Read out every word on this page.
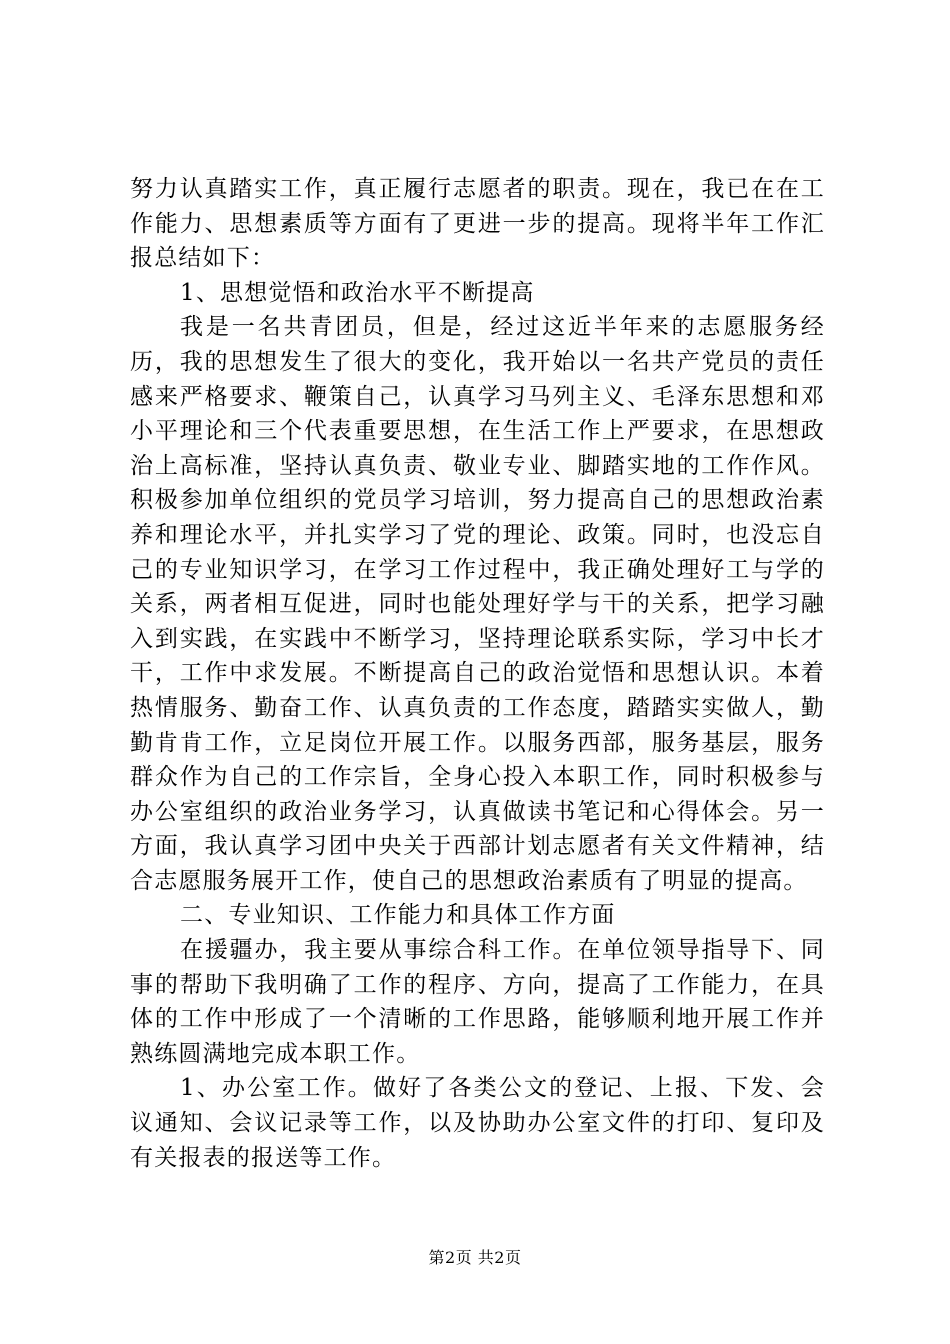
努力认真踏实工作，真正履行志愿者的职责。现在，我已在在工作能力、思想素质等方面有了更进一步的提高。现将半年工作汇报总结如下：

1、思想觉悟和政治水平不断提高

我是一名共青团员，但是，经过这近半年来的志愿服务经历，我的思想发生了很大的变化，我开始以一名共产党员的责任感来严格要求、鞭策自己，认真学习马列主义、毛泽东思想和邓小平理论和三个代表重要思想，在生活工作上严要求，在思想政治上高标准，坚持认真负责、敬业专业、脚踏实地的工作作风。积极参加单位组织的党员学习培训，努力提高自己的思想政治素养和理论水平，并扎实学习了党的理论、政策。同时，也没忘自己的专业知识学习，在学习工作过程中，我正确处理好工与学的关系，两者相互促进，同时也能处理好学与干的关系，把学习融入到实践，在实践中不断学习，坚持理论联系实际，学习中长才干，工作中求发展。不断提高自己的政治觉悟和思想认识。本着热情服务、勤奋工作、认真负责的工作态度，踏踏实实做人，勤勤肯肯工作，立足岗位开展工作。以服务西部，服务基层，服务群众作为自己的工作宗旨，全身心投入本职工作，同时积极参与办公室组织的政治业务学习，认真做读书笔记和心得体会。另一方面，我认真学习团中央关于西部计划志愿者有关文件精神，结合志愿服务展开工作，使自己的思想政治素质有了明显的提高。

二、专业知识、工作能力和具体工作方面

在援疆办，我主要从事综合科工作。在单位领导指导下、同事的帮助下我明确了工作的程序、方向，提高了工作能力，在具体的工作中形成了一个清晰的工作思路，能够顺利地开展工作并熟练圆满地完成本职工作。

1、办公室工作。做好了各类公文的登记、上报、下发、会议通知、会议记录等工作，以及协助办公室文件的打印、复印及有关报表的报送等工作。

第2页 共2页
